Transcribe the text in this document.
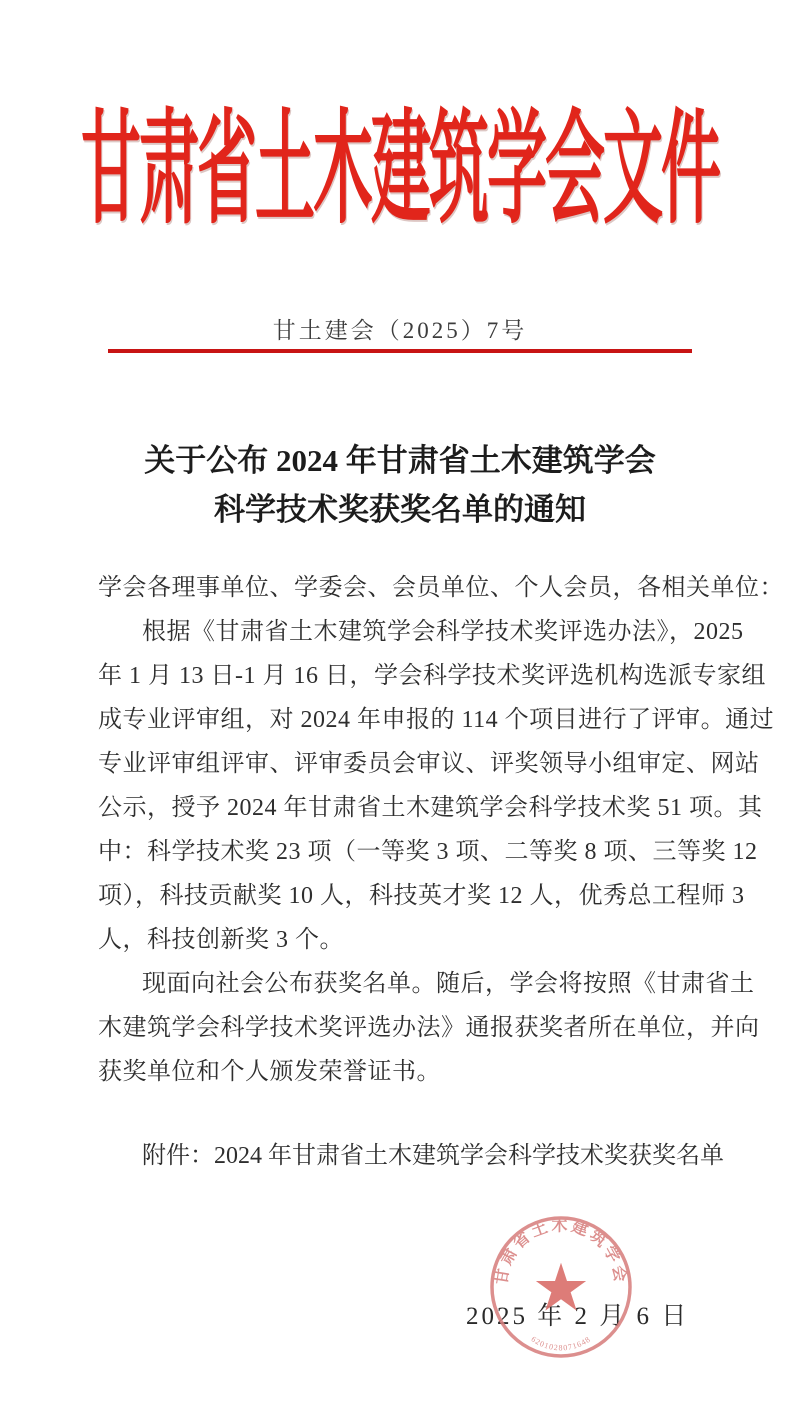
甘肃省土木建筑学会文件
甘土建会（2025）7号
关于公布 2024 年甘肃省土木建筑学会
科学技术奖获奖名单的通知
学会各理事单位、学委会、会员单位、个人会员，各相关单位：
根据《甘肃省土木建筑学会科学技术奖评选办法》，2025
年 1 月 13 日-1 月 16 日，学会科学技术奖评选机构选派专家组
成专业评审组，对 2024 年申报的 114 个项目进行了评审。通过
专业评审组评审、评审委员会审议、评奖领导小组审定、网站
公示，授予 2024 年甘肃省土木建筑学会科学技术奖 51 项。其
中：科学技术奖 23 项（一等奖 3 项、二等奖 8 项、三等奖 12
项），科技贡献奖 10 人，科技英才奖 12 人，优秀总工程师 3
人，科技创新奖 3 个。
现面向社会公布获奖名单。随后，学会将按照《甘肃省土
木建筑学会科学技术奖评选办法》通报获奖者所在单位，并向
获奖单位和个人颁发荣誉证书。
附件：2024 年甘肃省土木建筑学会科学技术奖获奖名单
甘肃省土木建筑学会
★
6201028071648
2025 年 2 月 6 日
